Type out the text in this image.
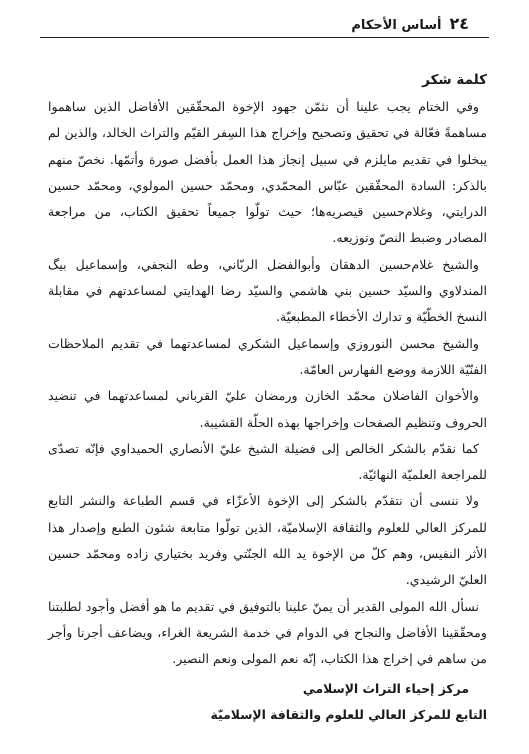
٢٤
أساس الأحكام
كلمة شكر

وفي الختام يجب علينا أن نثمّن جهود الإخوة المحقّقين الأفاضل الذين ساهموا مساهمةً فعّالة في تحقيق وتصحيح وإخراج هذا السِفر القيّم والتراث الخالد، والذين لم يبخلوا في تقديم مايلزم في سبيل إنجاز هذا العمل بأفضل صورة وأتمّها. نخصّ منهم بالذكر: السادة المحقّقين عبّاس المحمّدي، ومحمّد حسين المولوي، ومحمّد حسين الدرايتي، وغلام‌حسين قيصريه‌ها؛ حيث تولّوا جميعاً تحقيق الكتاب، من مراجعة المصادر وضبط النصّ وتوزيعه.

والشيخ غلام‌حسين الدهقان وأبوالفضل الربّاني، وطه النجفي، وإسماعيل بيگ المندلاوي والسيّد حسين بني هاشمي والسيّد رضا الهدايتي لمساعدتهم في مقابلة النسخ الخطّيّة و تدارك الأخطاء المطبعيّة.

والشيخ محسن النوروزي وإسماعيل الشكري لمساعدتهما في تقديم الملاحظات الفنّيّة اللازمة ووضع الفهارس العامّة.

والأخوان الفاضلان محمّد الخازن ورمضان عليّ القرباني لمساعدتهما في تنضيد الحروف وتنظيم الصفحات وإخراجها بهذه الحلّة القشيبة.

كما نقدّم بالشكر الخالص إلى فضيلة الشيخ عليّ الأنصاري الحميداوي فإنّه تصدّى للمراجعة العلميّة النهائيّة.

ولا ننسى أن نتقدّم بالشكر إلى الإخوة الأعزّاء في قسم الطباعة والنشر التابع للمركز العالي للعلوم والثقافة الإسلاميّة، الذين تولّوا متابعة شئون الطبع وإصدار هذا الأثر النفيس، وهم كلّ من الإخوة يد الله الجنّتي وفريد بختياري زاده ومحمّد حسين العليّ الرشيدي.

نسأل الله المولى القدير أن يمنّ علينا بالتوفيق في تقديم ما هو أفضل وأجود لطلبتنا ومحقّقينا الأفاضل والنجاح في الدوام في خدمة الشريعة الغراء، ويضاعف أجرنا وأجر من ساهم في إخراج هذا الكتاب، إنّه نعم المولى ونعم النصير.

مركز إحياء التراث الإسلامي
التابع للمركز العالي للعلوم والثقافة الإسلاميّة
